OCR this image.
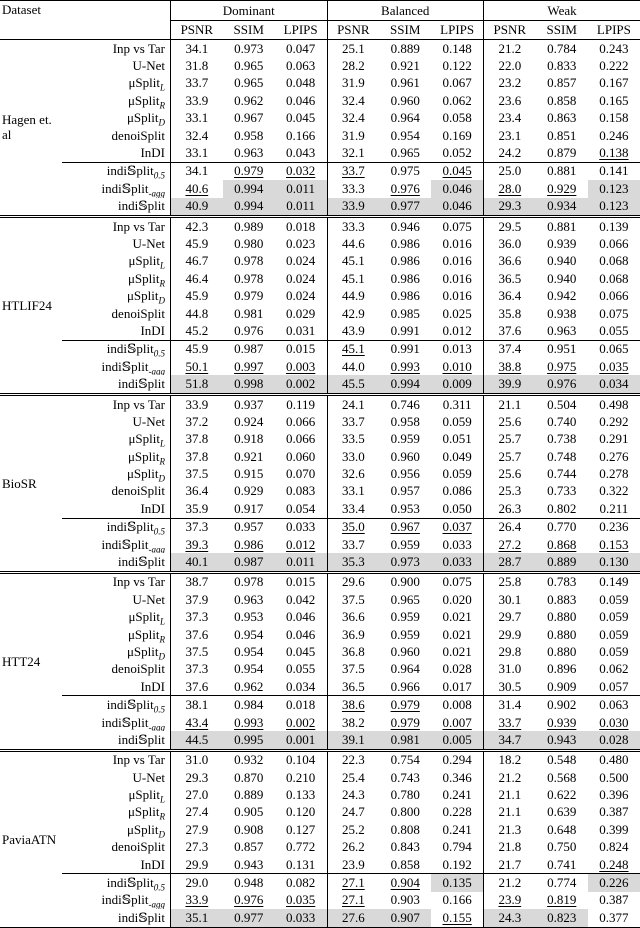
Dataset		Dominant			Balanced			Weak		
		PSNR	SSIM	LPIPS	PSNR	SSIM	LPIPS	PSNR	SSIM	LPIPS
Hagen et. al	Inp vs Tar	34.1	0.973	0.047	25.1	0.889	0.148	21.2	0.784	0.243
	U-Net	31.8	0.965	0.063	28.2	0.921	0.122	22.0	0.833	0.222
	μSplit$_L$	33.7	0.965	0.048	31.9	0.961	0.067	23.2	0.857	0.167
	μSplit$_R$	33.9	0.962	0.046	32.4	0.960	0.062	23.6	0.858	0.165
	μSplit$_D$	33.1	0.967	0.045	32.4	0.964	0.058	23.4	0.863	0.158
	denoiSplit	32.4	0.958	0.166	31.9	0.954	0.169	23.1	0.851	0.246
	InDI	33.1	0.963	0.043	32.1	0.965	0.052	24.2	0.879	0.138
	indi𝕊plit$_{0.5}$	34.1	0.979	0.032	33.7	0.975	0.045	25.0	0.881	0.141
	indi𝕊plit$_{-agg}$	40.6	0.994	0.011	33.3	0.976	0.046	28.0	0.929	0.123
	indi𝕊plit	40.9	0.994	0.011	33.9	0.977	0.046	29.3	0.934	0.123
HTLIF24	Inp vs Tar	42.3	0.989	0.018	33.3	0.946	0.075	29.5	0.881	0.139
	U-Net	45.9	0.980	0.023	44.6	0.986	0.016	36.0	0.939	0.066
	μSplit$_L$	46.7	0.978	0.024	45.1	0.986	0.016	36.6	0.940	0.068
	μSplit$_R$	46.4	0.978	0.024	45.1	0.986	0.016	36.5	0.940	0.068
	μSplit$_D$	45.9	0.979	0.024	44.9	0.986	0.016	36.4	0.942	0.066
	denoiSplit	44.8	0.981	0.029	42.9	0.985	0.025	35.8	0.938	0.075
	InDI	45.2	0.976	0.031	43.9	0.991	0.012	37.6	0.963	0.055
	indi𝕊plit$_{0.5}$	45.9	0.987	0.015	45.1	0.991	0.013	37.4	0.951	0.065
	indi𝕊plit$_{-agg}$	50.1	0.997	0.003	44.0	0.993	0.010	38.8	0.975	0.035
	indi𝕊plit	51.8	0.998	0.002	45.5	0.994	0.009	39.9	0.976	0.034
BioSR	Inp vs Tar	33.9	0.937	0.119	24.1	0.746	0.311	21.1	0.504	0.498
	U-Net	37.2	0.924	0.066	33.7	0.958	0.059	25.6	0.740	0.292
	μSplit$_L$	37.8	0.918	0.066	33.5	0.959	0.051	25.7	0.738	0.291
	μSplit$_R$	37.8	0.921	0.060	33.0	0.960	0.049	25.7	0.748	0.276
	μSplit$_D$	37.5	0.915	0.070	32.6	0.956	0.059	25.6	0.744	0.278
	denoiSplit	36.4	0.929	0.083	33.1	0.957	0.086	25.3	0.733	0.322
	InDI	35.9	0.917	0.054	33.4	0.953	0.050	26.3	0.802	0.211
	indi𝕊plit$_{0.5}$	37.3	0.957	0.033	35.0	0.967	0.037	26.4	0.770	0.236
	indi𝕊plit$_{-agg}$	39.3	0.986	0.012	33.7	0.959	0.033	27.2	0.868	0.153
	indi𝕊plit	40.1	0.987	0.011	35.3	0.973	0.033	28.7	0.889	0.130
HTT24	Inp vs Tar	38.7	0.978	0.015	29.6	0.900	0.075	25.8	0.783	0.149
	U-Net	37.9	0.963	0.042	37.5	0.965	0.020	30.1	0.883	0.059
	μSplit$_L$	37.3	0.953	0.046	36.6	0.959	0.021	29.7	0.880	0.059
	μSplit$_R$	37.6	0.954	0.046	36.9	0.959	0.021	29.9	0.880	0.059
	μSplit$_D$	37.5	0.954	0.045	36.8	0.960	0.021	29.8	0.880	0.059
	denoiSplit	37.3	0.954	0.055	37.5	0.964	0.028	31.0	0.896	0.062
	InDI	37.6	0.962	0.034	36.5	0.966	0.017	30.5	0.909	0.057
	indi𝕊plit$_{0.5}$	38.1	0.984	0.018	38.6	0.979	0.008	31.4	0.902	0.063
	indi𝕊plit$_{-agg}$	43.4	0.993	0.002	38.2	0.979	0.007	33.7	0.939	0.030
	indi𝕊plit	44.5	0.995	0.001	39.1	0.981	0.005	34.7	0.943	0.028
PaviaATN	Inp vs Tar	31.0	0.932	0.104	22.3	0.754	0.294	18.2	0.548	0.480
	U-Net	29.3	0.870	0.210	25.4	0.743	0.346	21.2	0.568	0.500
	μSplit$_L$	27.0	0.889	0.133	24.3	0.780	0.241	21.1	0.622	0.396
	μSplit$_R$	27.4	0.905	0.120	24.7	0.800	0.228	21.1	0.639	0.387
	μSplit$_D$	27.9	0.908	0.127	25.2	0.808	0.241	21.3	0.648	0.399
	denoiSplit	27.3	0.857	0.772	26.2	0.843	0.794	21.8	0.750	0.824
	InDI	29.9	0.943	0.131	23.9	0.858	0.192	21.7	0.741	0.248
	indi𝕊plit$_{0.5}$	29.0	0.948	0.082	27.1	0.904	0.135	21.2	0.774	0.226
	indi𝕊plit$_{-agg}$	33.9	0.976	0.035	27.1	0.903	0.166	23.9	0.819	0.387
	indi𝕊plit	35.1	0.977	0.033	27.6	0.907	0.155	24.3	0.823	0.377
